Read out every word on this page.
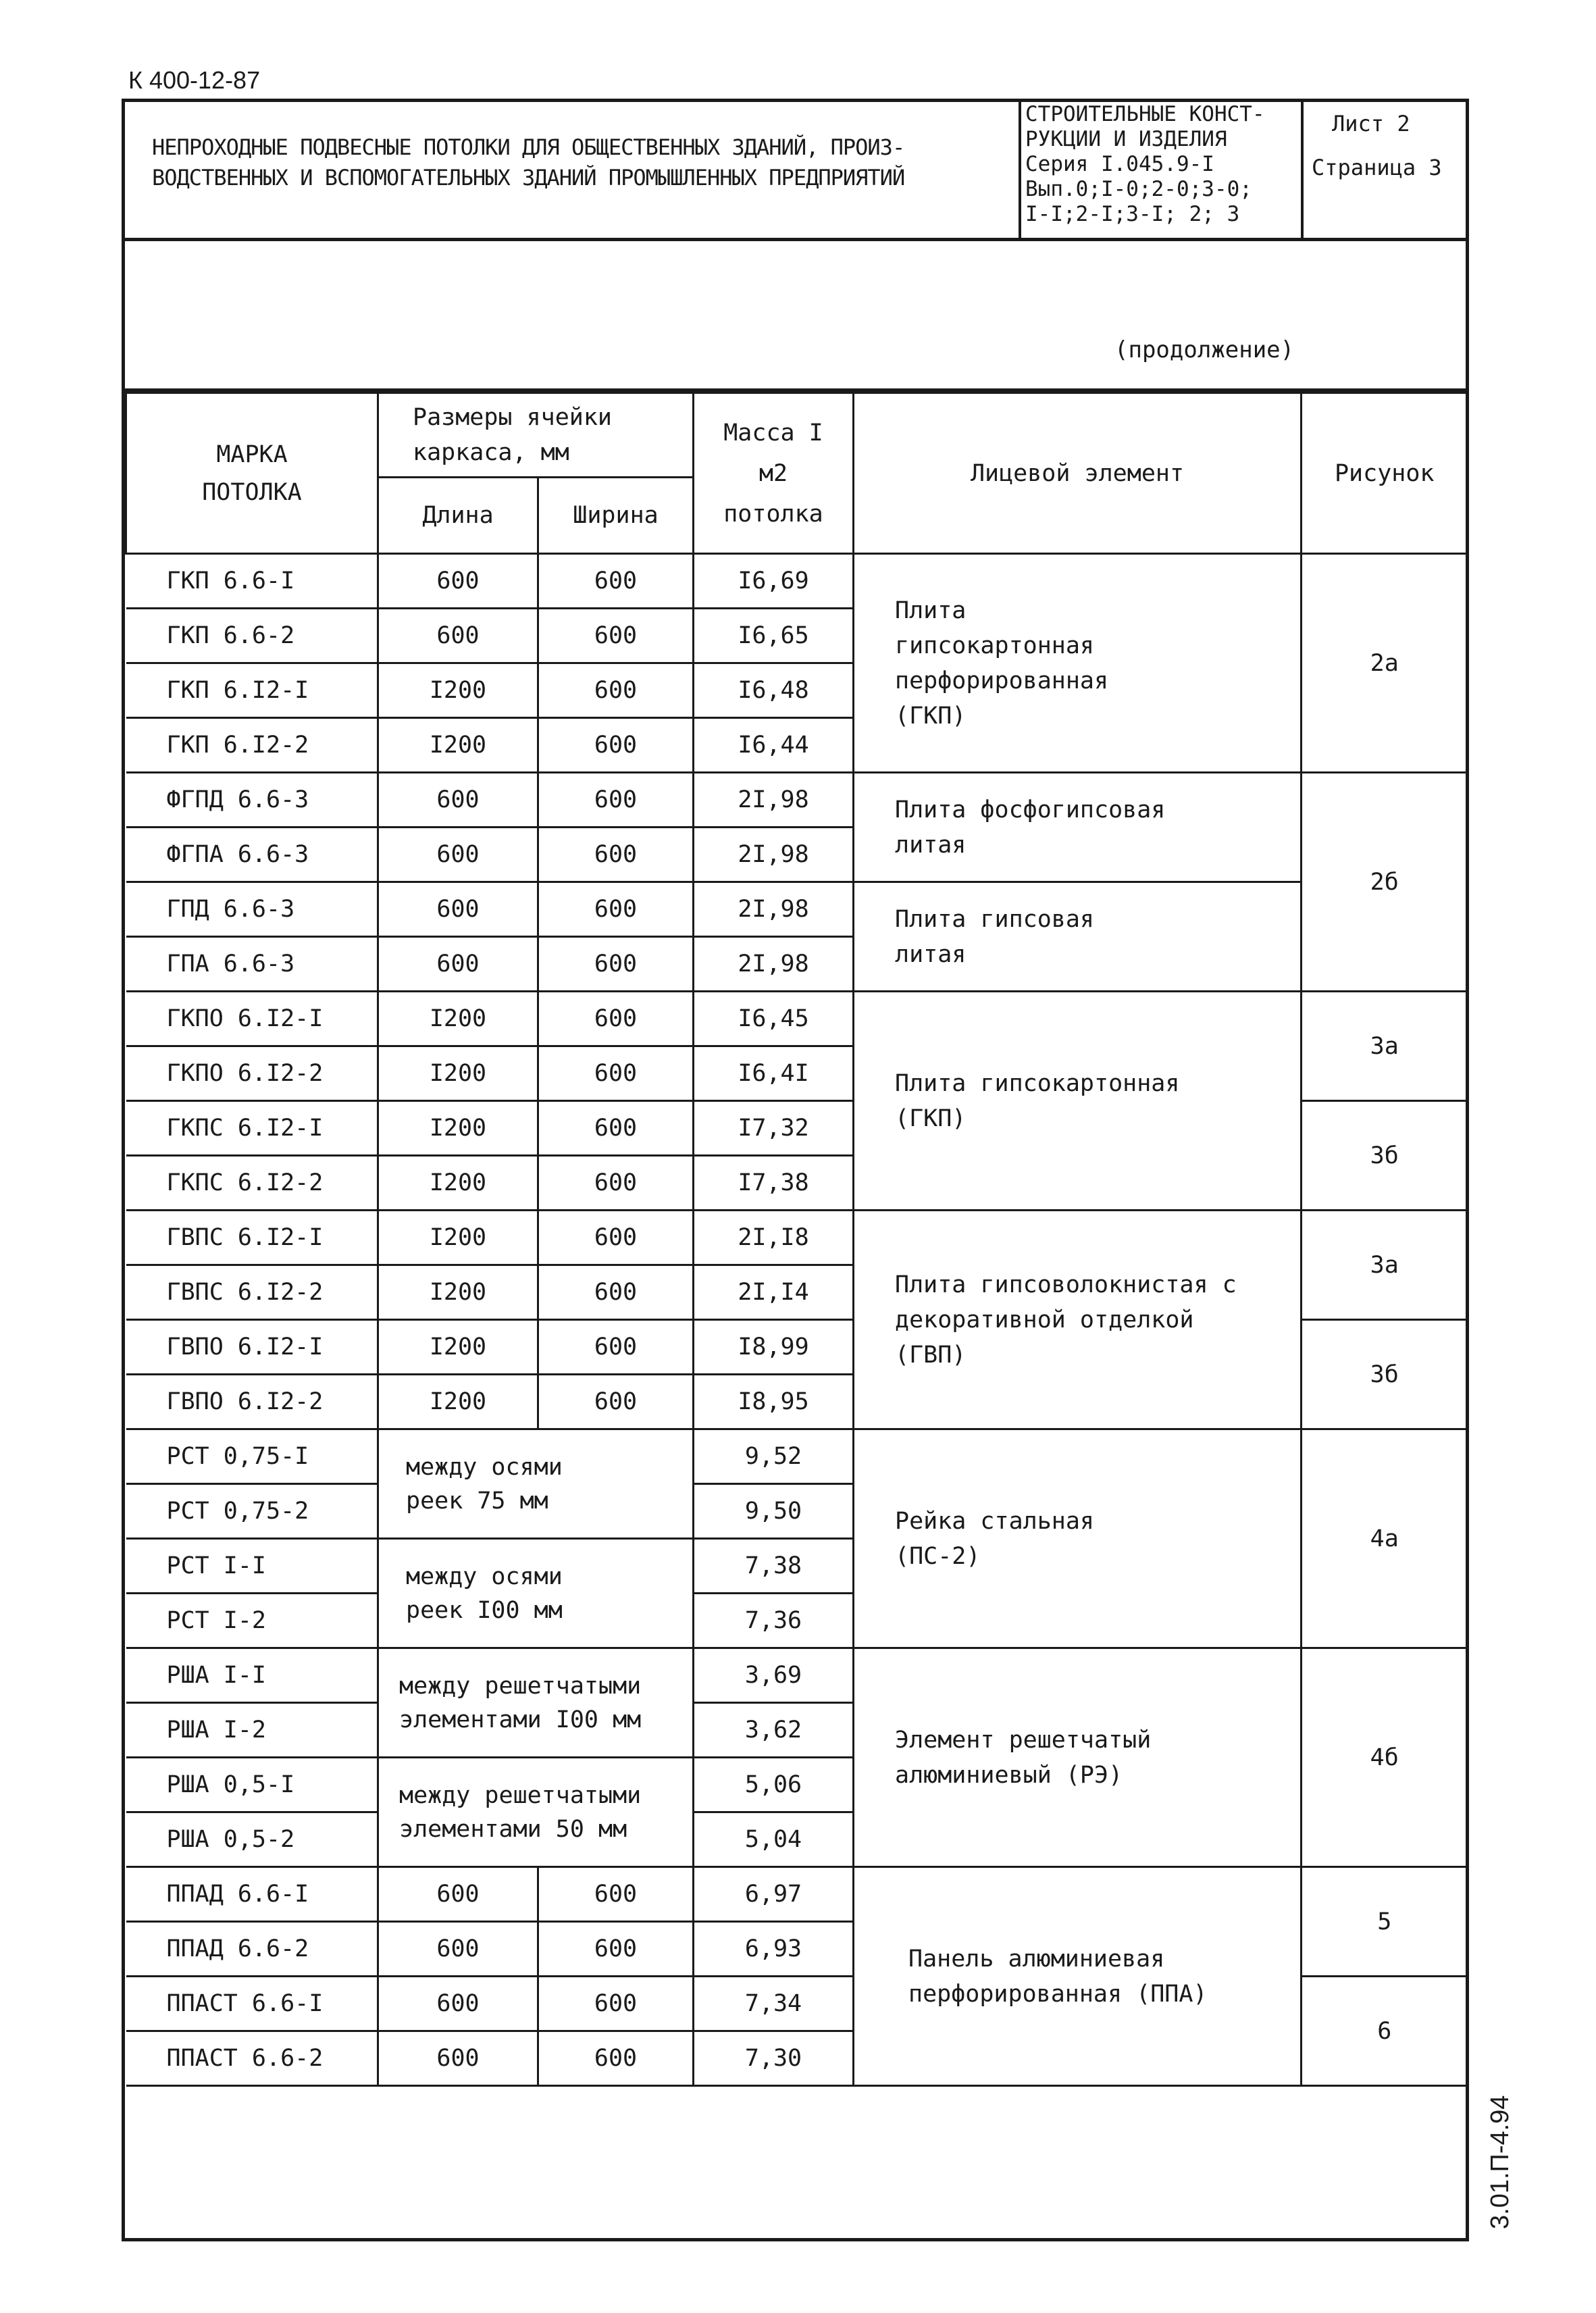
К 400-12-87
НЕПРОХОДНЫЕ ПОДВЕСНЫЕ ПОТОЛКИ ДЛЯ ОБЩЕСТВЕННЫХ ЗДАНИЙ, ПРОИЗ-
ВОДСТВЕННЫХ И ВСПОМОГАТЕЛЬНЫХ ЗДАНИЙ ПРОМЫШЛЕННЫХ ПРЕДПРИЯТИЙ
СТРОИТЕЛЬНЫЕ КОНСТ-
РУКЦИИ И ИЗДЕЛИЯ
Серия I.045.9-I
Вып.0;I-0;2-0;3-0;
I-I;2-I;3-I; 2; 3
Лист 2
Страница 3
(продолжение)
МАРКА ПОТОЛКА	Размеры ячейки каркаса, мм		Масса I м2 потолка	Лицевой элемент	Рисунок
	Длина	Ширина			
ГКП 6.6-I	600	600	I6,69	Плита гипсокартонная перфорированная (ГКП)	2а
ГКП 6.6-2	600	600	I6,65		
ГКП 6.I2-I	I200	600	I6,48		
ГКП 6.I2-2	I200	600	I6,44		
ФГПД 6.6-3	600	600	2I,98	Плита фосфогипсовая литая	2б
ФГПА 6.6-3	600	600	2I,98		
ГПД 6.6-3	600	600	2I,98	Плита гипсовая литая	
ГПА 6.6-3	600	600	2I,98		
ГКПО 6.I2-I	I200	600	I6,45	Плита гипсокартонная (ГКП)	3а
ГКПО 6.I2-2	I200	600	I6,4I		
ГКПС 6.I2-I	I200	600	I7,32		3б
ГКПС 6.I2-2	I200	600	I7,38		
ГВПС 6.I2-I	I200	600	2I,I8	Плита гипсоволокнистая с декоративной отделкой (ГВП)	3а
ГВПС 6.I2-2	I200	600	2I,I4		
ГВПО 6.I2-I	I200	600	I8,99		3б
ГВПО 6.I2-2	I200	600	I8,95		
РСТ 0,75-I	между осями реек 75 мм		9,52	Рейка стальная (ПС-2)	4а
РСТ 0,75-2			9,50		
РСТ I-I	между осями реек I00 мм		7,38		
РСТ I-2			7,36		
РША I-I	между решетчатыми элементами I00 мм		3,69	Элемент решетчатый алюминиевый (РЭ)	4б
РША I-2			3,62		
РША 0,5-I	между решетчатыми элементами 50 мм		5,06		
РША 0,5-2			5,04		
ППАД 6.6-I	600	600	6,97	Панель алюминиевая перфорированная (ППА)	5
ППАД 6.6-2	600	600	6,93		
ППАСТ 6.6-I	600	600	7,34		6
ППАСТ 6.6-2	600	600	7,30		
3.01.П-4.94
